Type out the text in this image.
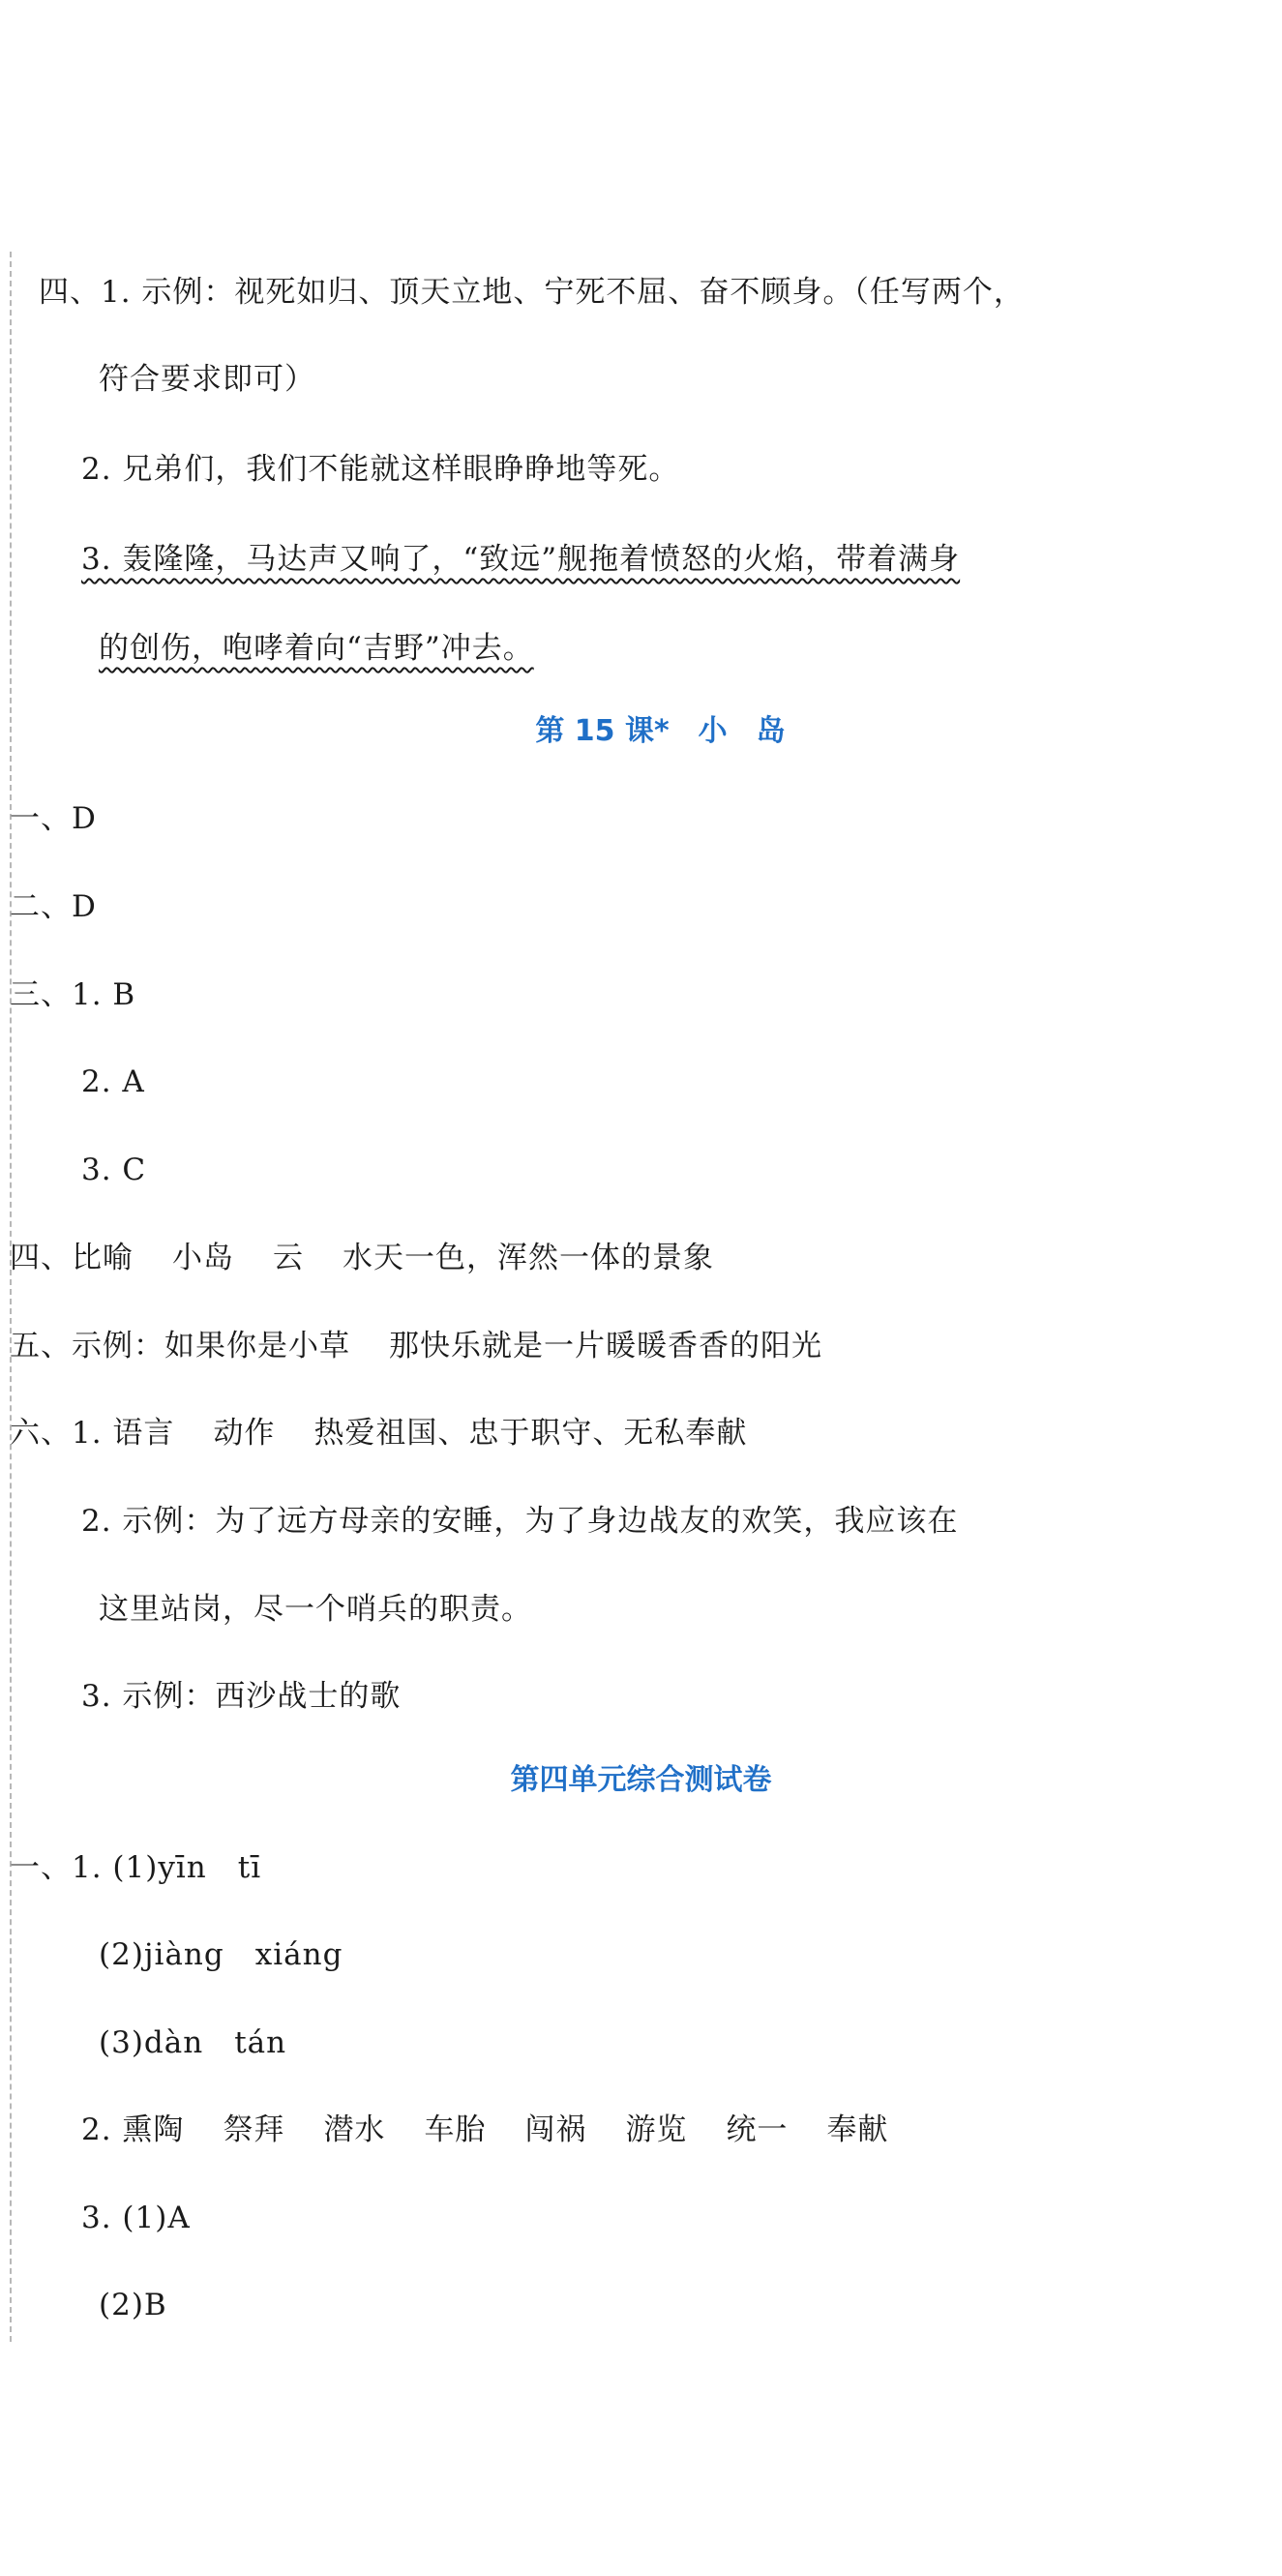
四、1. 示例：视死如归、顶天立地、宁死不屈、奋不顾身。（任写两个，
符合要求即可）
2. 兄弟们，我们不能就这样眼睁睁地等死。
3. 轰隆隆，马达声又响了，“致远”舰拖着愤怒的火焰，带着满身
的创伤，咆哮着向“吉野”冲去。
第 15 课*　小　岛
一、D
二、D
三、1. B
2. A
3. C
四、比喻 小岛 云 水天一色，浑然一体的景象
五、示例：如果你是小草 那快乐就是一片暖暖香香的阳光
六、1. 语言 动作 热爱祖国、忠于职守、无私奉献
2. 示例：为了远方母亲的安睡，为了身边战友的欢笑，我应该在
这里站岗，尽一个哨兵的职责。
3. 示例：西沙战士的歌
第四单元综合测试卷
一、1. (1)yīn　tī
(2)jiàng　xiáng
(3)dàn　tán
2. 熏陶 祭拜 潜水 车胎 闯祸 游览 统一 奉献
3. (1)A
(2)B
